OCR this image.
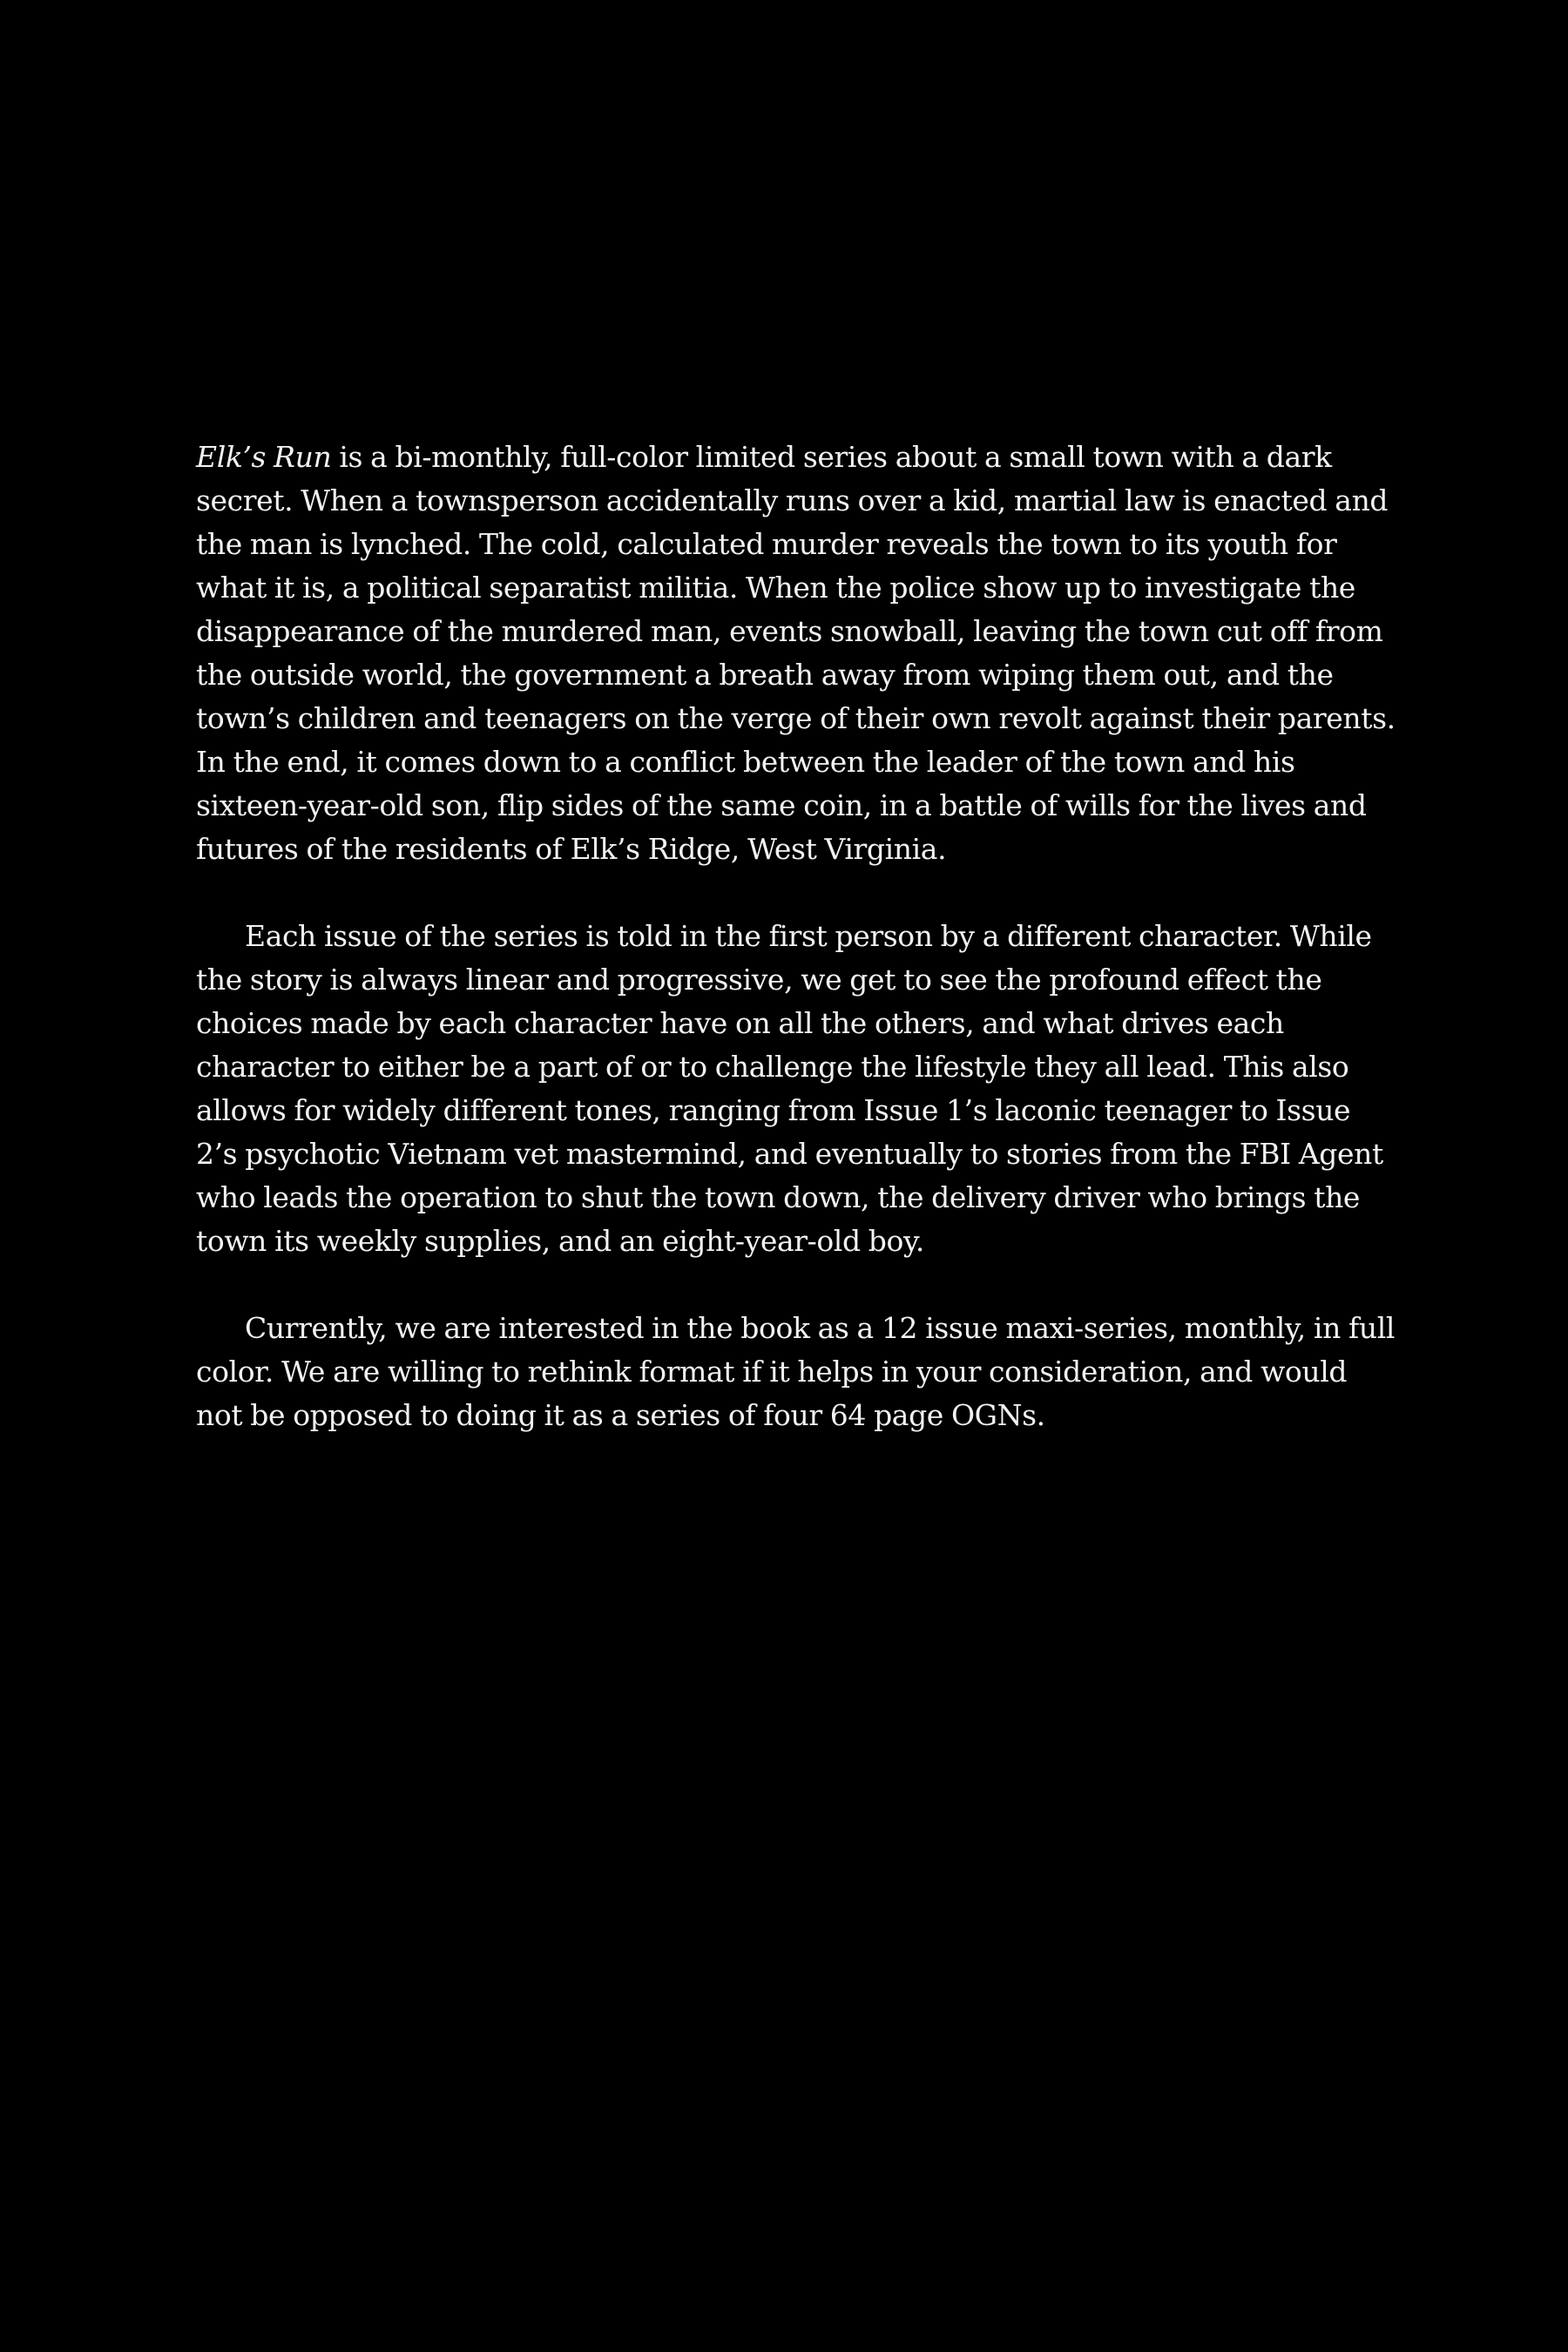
Elk’s Run is a bi-monthly, full-color limited series about a small town with a dark secret. When a townsperson accidentally runs over a kid, martial law is enacted and the man is lynched. The cold, calculated murder reveals the town to its youth for what it is, a political separatist militia. When the police show up to investigate the disappearance of the murdered man, events snowball, leaving the town cut off from the outside world, the government a breath away from wiping them out, and the town’s children and teenagers on the verge of their own revolt against their parents. In the end, it comes down to a conflict between the leader of the town and his sixteen-year-old son, flip sides of the same coin, in a battle of wills for the lives and futures of the residents of Elk’s Ridge, West Virginia.

Each issue of the series is told in the first person by a different character. While the story is always linear and progressive, we get to see the profound effect the choices made by each character have on all the others, and what drives each character to either be a part of or to challenge the lifestyle they all lead. This also allows for widely different tones, ranging from Issue 1’s laconic teenager to Issue 2’s psychotic Vietnam vet mastermind, and eventually to stories from the FBI Agent who leads the operation to shut the town down, the delivery driver who brings the town its weekly supplies, and an eight-year-old boy.

Currently, we are interested in the book as a 12 issue maxi-series, monthly, in full color. We are willing to rethink format if it helps in your consideration, and would not be opposed to doing it as a series of four 64 page OGNs.
